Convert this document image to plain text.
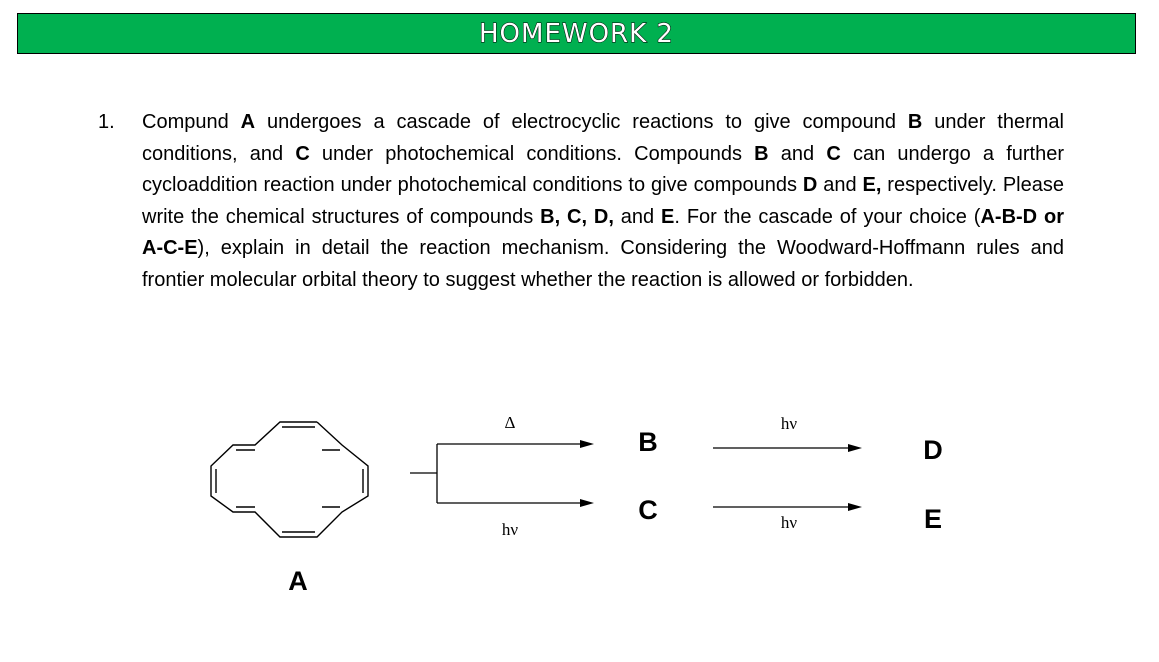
HOMEWORK 2
1.	Compund A undergoes a cascade of electrocyclic reactions to give compound B under thermal conditions, and C under photochemical conditions. Compounds B and C can undergo a further cycloaddition reaction under photochemical conditions to give compounds D and E, respectively. Please write the chemical structures of compounds B, C, D, and E. For the cascade of your choice (A-B-D or A-C-E), explain in detail the reaction mechanism. Considering the Woodward-Hoffmann rules and frontier molecular orbital theory to suggest whether the reaction is allowed or forbidden.
A
Δ
hν
B
C
hν
hν
D
E
